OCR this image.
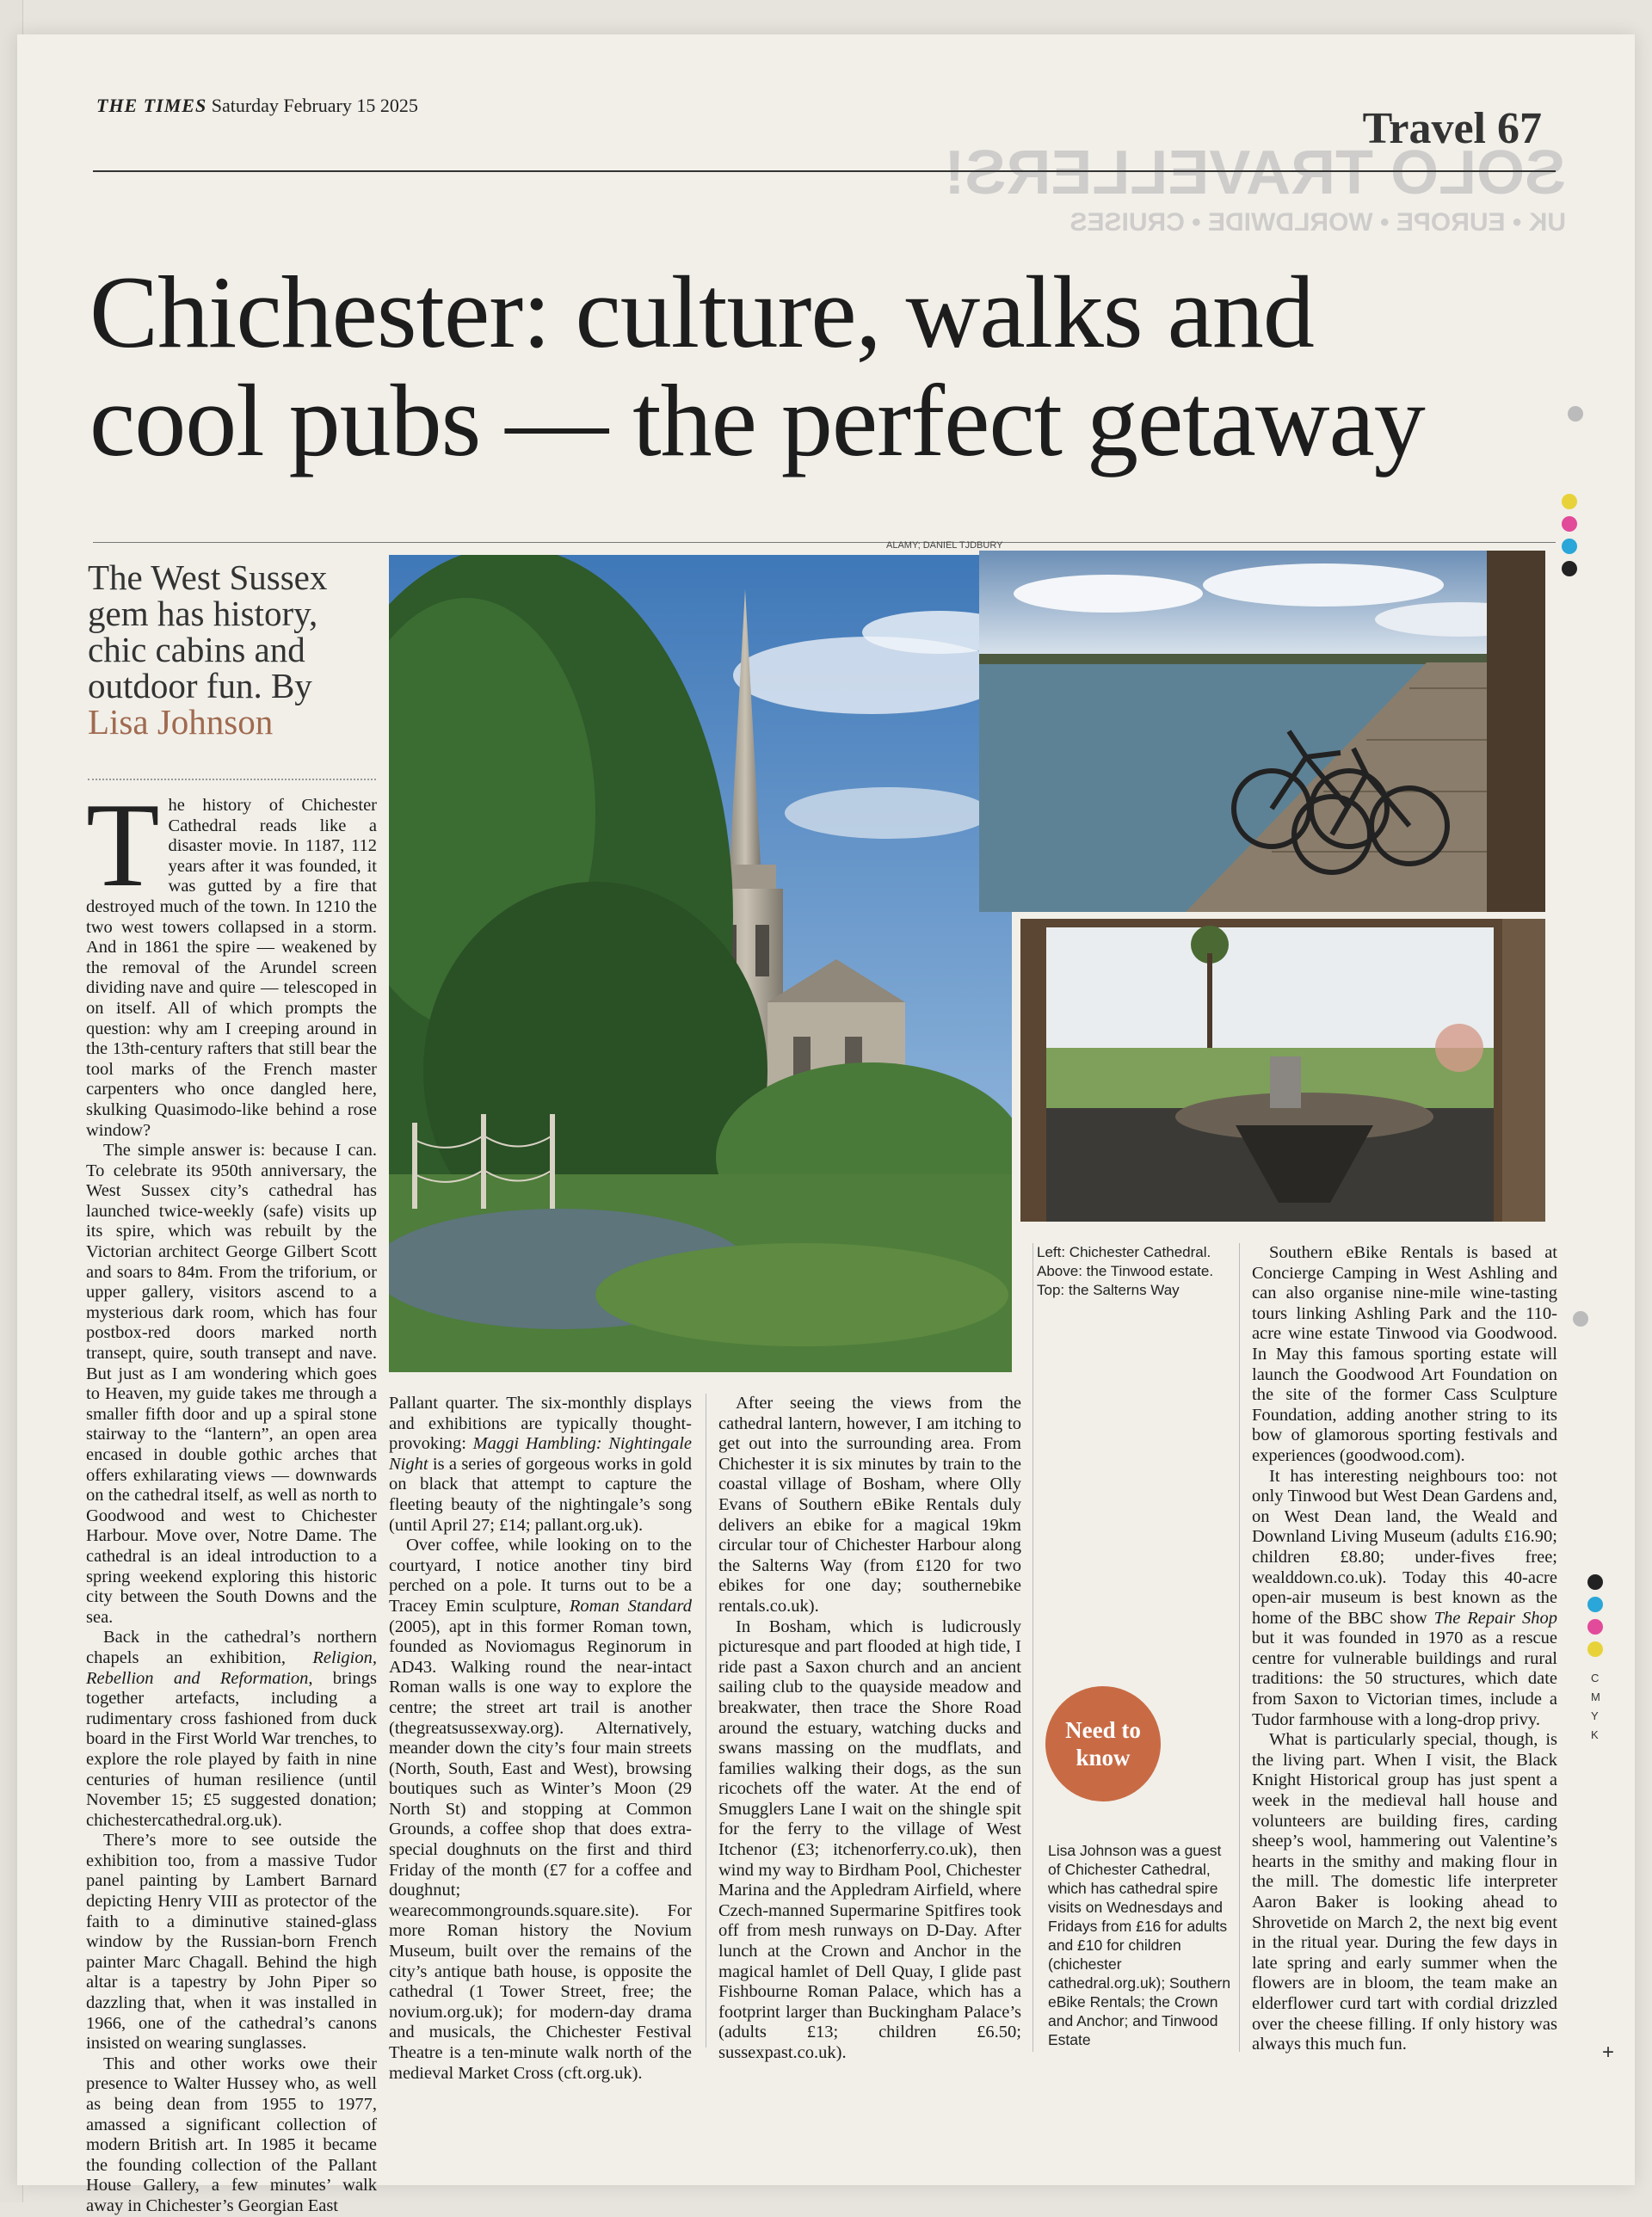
SOLO TRAVELLERS!
UK • EUROPE • WORLDWIDE • CRUISES
THE TIMES Saturday February 15 2025	Travel 67
Chichester: culture, walks and
cool pubs — the perfect getaway
The West Sussex gem has history, chic cabins and outdoor fun. By Lisa Johnson
ALAMY; DANIEL TJDBURY

The history of Chichester Cathedral reads like a disaster movie. In 1187, 112 years after it was founded, it was gutted by a fire that destroyed much of the town. In 1210 the two west towers collapsed in a storm. And in 1861 the spire — weakened by the removal of the Arundel screen dividing nave and quire — telescoped in on itself. All of which prompts the question: why am I creeping around in the 13th-century rafters that still bear the tool marks of the French master carpenters who once dangled here, skulking Quasimodo-like behind a rose window?

The simple answer is: because I can. To celebrate its 950th anniversary, the West Sussex city’s cathedral has launched twice-weekly (safe) visits up its spire, which was rebuilt by the Victorian architect George Gilbert Scott and soars to 84m. From the triforium, or upper gallery, visitors ascend to a mysterious dark room, which has four postbox-red doors marked north transept, quire, south transept and nave. But just as I am wondering which goes to Heaven, my guide takes me through a smaller fifth door and up a spiral stone stairway to the “lantern”, an open area encased in double gothic arches that offers exhilarating views — downwards on the cathedral itself, as well as north to Goodwood and west to Chichester Harbour. Move over, Notre Dame. The cathedral is an ideal introduction to a spring weekend exploring this historic city between the South Downs and the sea.

Back in the cathedral’s northern chapels an exhibition, Religion, Rebellion and Reformation, brings together artefacts, including a rudimentary cross fashioned from duck board in the First World War trenches, to explore the role played by faith in nine centuries of human resilience (until November 15; £5 suggested donation; chichestercathedral.org.uk).

There’s more to see outside the exhibition too, from a massive Tudor panel painting by Lambert Barnard depicting Henry VIII as protector of the faith to a diminutive stained-glass window by the Russian-born French painter Marc Chagall. Behind the high altar is a tapestry by John Piper so dazzling that, when it was installed in 1966, one of the cathedral’s canons insisted on wearing sunglasses.

This and other works owe their presence to Walter Hussey who, as well as being dean from 1955 to 1977, amassed a significant collection of modern British art. In 1985 it became the founding collection of the Pallant House Gallery, a few minutes’ walk away in Chichester’s Georgian East

Pallant quarter. The six-monthly displays and exhibitions are typically thought-provoking: Maggi Hambling: Nightingale Night is a series of gorgeous works in gold on black that attempt to capture the fleeting beauty of the nightingale’s song (until April 27; £14; pallant.org.uk).

Over coffee, while looking on to the courtyard, I notice another tiny bird perched on a pole. It turns out to be a Tracey Emin sculpture, Roman Standard (2005), apt in this former Roman town, founded as Noviomagus Reginorum in AD43. Walking round the near-intact Roman walls is one way to explore the centre; the street art trail is another (thegreatsussexway.org). Alternatively, meander down the city’s four main streets (North, South, East and West), browsing boutiques such as Winter’s Moon (29 North St) and stopping at Common Grounds, a coffee shop that does extra-special doughnuts on the first and third Friday of the month (£7 for a coffee and doughnut; wearecommongrounds.square.site). For more Roman history the Novium Museum, built over the remains of the city’s antique bath house, is opposite the cathedral (1 Tower Street, free; the novium.org.uk); for modern-day drama and musicals, the Chichester Festival Theatre is a ten-minute walk north of the medieval Market Cross (cft.org.uk).

After seeing the views from the cathedral lantern, however, I am itching to get out into the surrounding area. From Chichester it is six minutes by train to the coastal village of Bosham, where Olly Evans of Southern eBike Rentals duly delivers an ebike for a magical 19km circular tour of Chichester Harbour along the Salterns Way (from £120 for two ebikes for one day; southernebike rentals.co.uk).

In Bosham, which is ludicrously picturesque and part flooded at high tide, I ride past a Saxon church and an ancient sailing club to the quayside meadow and breakwater, then trace the Shore Road around the estuary, watching ducks and swans massing on the mudflats, and families walking their dogs, as the sun ricochets off the water. At the end of Smugglers Lane I wait on the shingle spit for the ferry to the village of West Itchenor (£3; itchenorferry.co.uk), then wind my way to Birdham Pool, Chichester Marina and the Appledram Airfield, where Czech-manned Supermarine Spitfires took off from mesh runways on D-Day. After lunch at the Crown and Anchor in the magical hamlet of Dell Quay, I glide past Fishbourne Roman Palace, which has a footprint larger than Buckingham Palace’s (adults £13; children £6.50; sussexpast.co.uk).

Left: Chichester Cathedral. Above: the Tinwood estate. Top: the Salterns Way
Need to know
Lisa Johnson was a guest of Chichester Cathedral, which has cathedral spire visits on Wednesdays and Fridays from £16 for adults and £10 for children (chichester cathedral.org.uk); Southern eBike Rentals; the Crown and Anchor; and Tinwood Estate

Southern eBike Rentals is based at Concierge Camping in West Ashling and can also organise nine-mile wine-tasting tours linking Ashling Park and the 110-acre wine estate Tinwood via Goodwood. In May this famous sporting estate will launch the Goodwood Art Foundation on the site of the former Cass Sculpture Foundation, adding another string to its bow of glamorous sporting festivals and experiences (goodwood.com).

It has interesting neighbours too: not only Tinwood but West Dean Gardens and, on West Dean land, the Weald and Downland Living Museum (adults £16.90; children £8.80; under-fives free; wealddown.co.uk). Today this 40-acre open-air museum is best known as the home of the BBC show The Repair Shop but it was founded in 1970 as a rescue centre for vulnerable buildings and rural traditions: the 50 structures, which date from Saxon to Victorian times, include a Tudor farmhouse with a long-drop privy.

What is particularly special, though, is the living part. When I visit, the Black Knight Historical group has just spent a week in the medieval hall house and volunteers are building fires, carding sheep’s wool, hammering out Valentine’s hearts in the smithy and making flour in the mill. The domestic life interpreter Aaron Baker is looking ahead to Shrovetide on March 2, the next big event in the ritual year. During the few days in late spring and early summer when the flowers are in bloom, the team make an elderflower curd tart with cordial drizzled over the cheese filling. If only history was always this much fun.

C M Y K
+
